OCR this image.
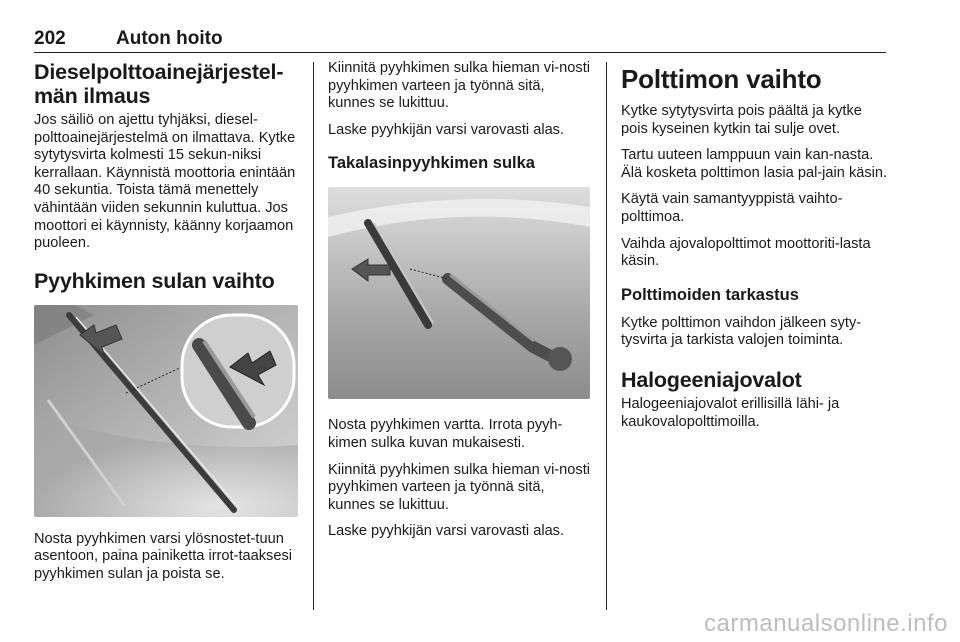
202	Auton hoito
Dieselpolttoainejärjestel-män ilmaus

Jos säiliö on ajettu tyhjäksi, diesel-polttoainejärjestelmä on ilmattava. Kytke sytytysvirta kolmesti 15 sekun-niksi kerrallaan. Käynnistä moottoria enintään 40 sekuntia. Toista tämä menettely vähintään viiden sekunnin kuluttua. Jos moottori ei käynnisty, käänny korjaamon puoleen.

Pyyhkimen sulan vaihto

Nosta pyyhkimen varsi ylösnostet-tuun asentoon, paina painiketta irrot-taaksesi pyyhkimen sulan ja poista se.

Kiinnitä pyyhkimen sulka hieman vi-nosti pyyhkimen varteen ja työnnä sitä, kunnes se lukittuu.

Laske pyyhkijän varsi varovasti alas.

Takalasinpyyhkimen sulka

Nosta pyyhkimen vartta. Irrota pyyh-kimen sulka kuvan mukaisesti.

Kiinnitä pyyhkimen sulka hieman vi-nosti pyyhkimen varteen ja työnnä sitä, kunnes se lukittuu.

Laske pyyhkijän varsi varovasti alas.

Polttimon vaihto

Kytke sytytysvirta pois päältä ja kytke pois kyseinen kytkin tai sulje ovet.

Tartu uuteen lamppuun vain kan-nasta. Älä kosketa polttimon lasia pal-jain käsin.

Käytä vain samantyyppistä vaihto-polttimoa.

Vaihda ajovalopolttimot moottoriti-lasta käsin.

Polttimoiden tarkastus

Kytke polttimon vaihdon jälkeen syty-tysvirta ja tarkista valojen toiminta.

Halogeeniajovalot

Halogeeniajovalot erillisillä lähi- ja kaukovalopolttimoilla.

carmanualsonline.info
